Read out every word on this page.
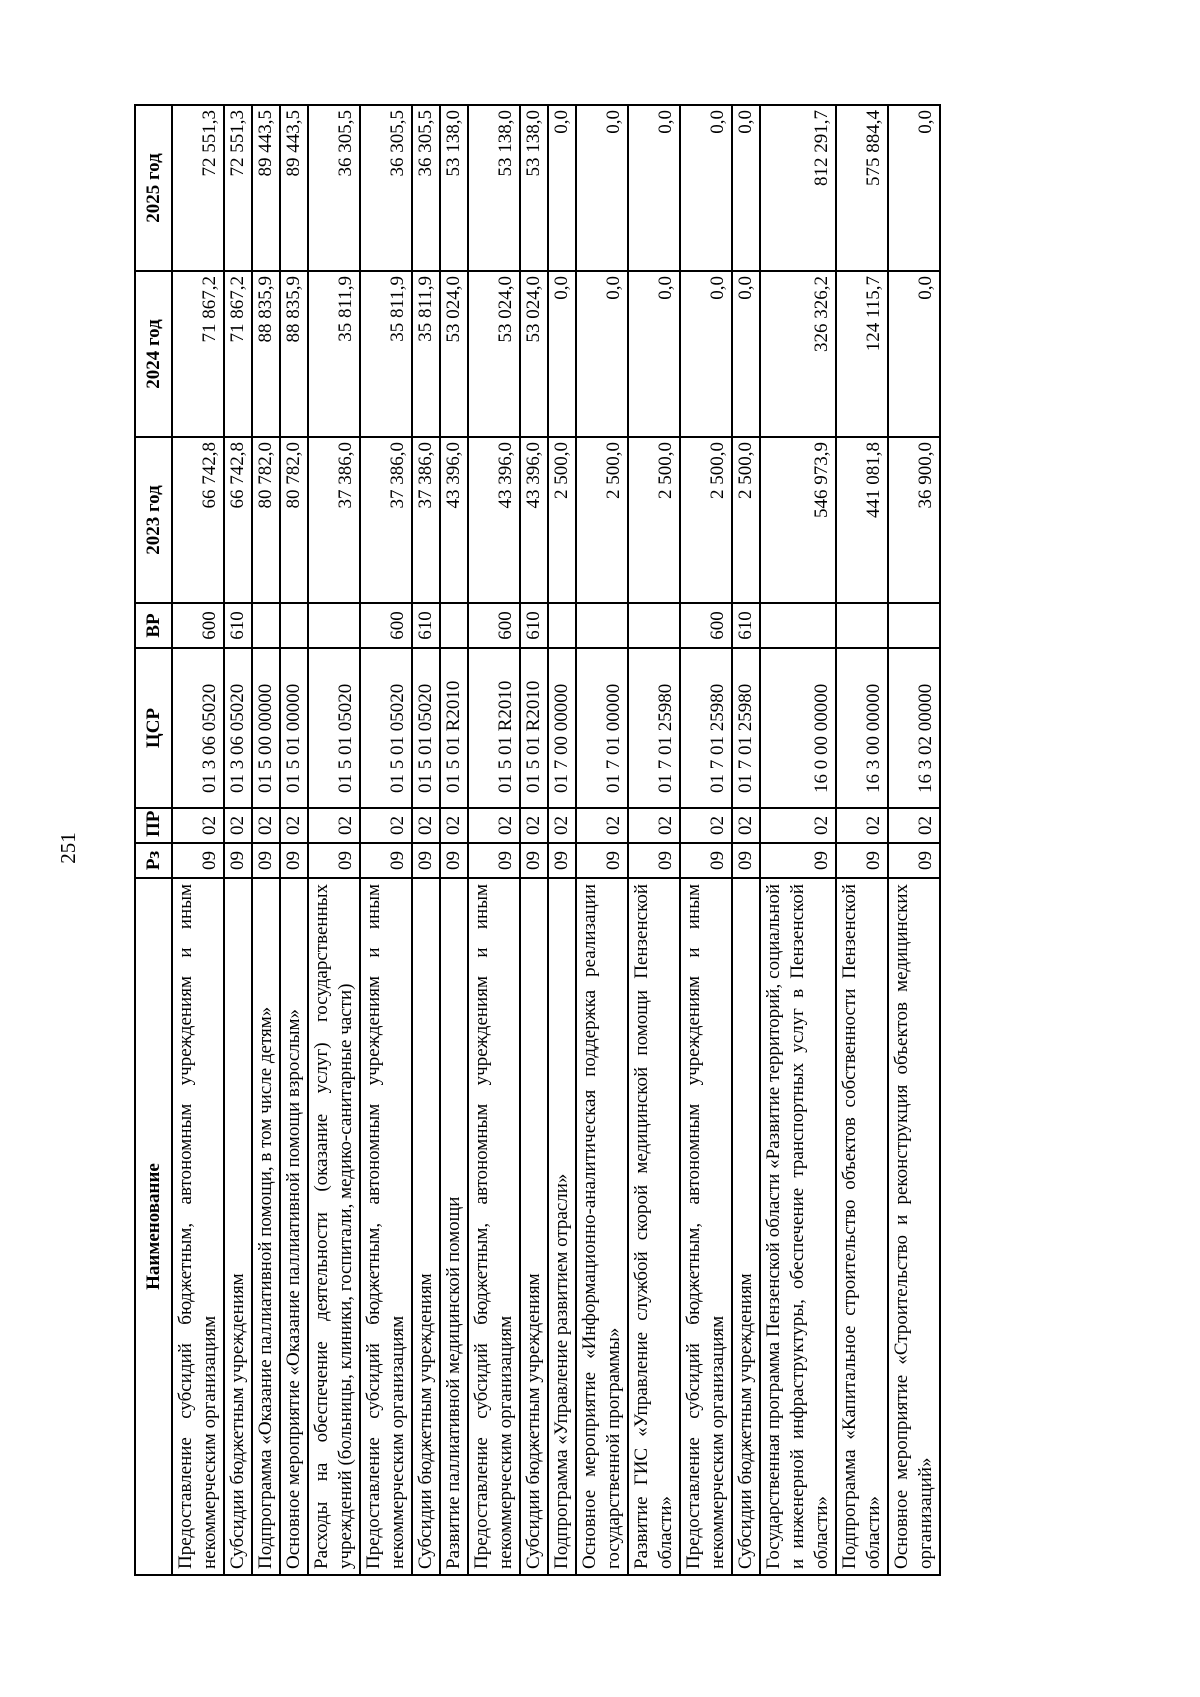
251
Наименование	Рз	ПР	ЦСР	ВР	2023 год	2024 год	2025 год
Предоставление субсидий бюджетным, автономным учреждениям и иным некоммерческим организациям	09	02	01 3 06 05020	600	66 742,8	71 867,2	72 551,3
Субсидии бюджетным учреждениям	09	02	01 3 06 05020	610	66 742,8	71 867,2	72 551,3
Подпрограмма «Оказание паллиативной помощи, в том числе детям»	09	02	01 5 00 00000		80 782,0	88 835,9	89 443,5
Основное мероприятие «Оказание паллиативной помощи взрослым»	09	02	01 5 01 00000		80 782,0	88 835,9	89 443,5
Расходы на обеспечение деятельности (оказание услуг) государственных учреждений (больницы, клиники, госпитали, медико-санитарные части)	09	02	01 5 01 05020		37 386,0	35 811,9	36 305,5
Предоставление субсидий бюджетным, автономным учреждениям и иным некоммерческим организациям	09	02	01 5 01 05020	600	37 386,0	35 811,9	36 305,5
Субсидии бюджетным учреждениям	09	02	01 5 01 05020	610	37 386,0	35 811,9	36 305,5
Развитие паллиативной медицинской помощи	09	02	01 5 01 R2010		43 396,0	53 024,0	53 138,0
Предоставление субсидий бюджетным, автономным учреждениям и иным некоммерческим организациям	09	02	01 5 01 R2010	600	43 396,0	53 024,0	53 138,0
Субсидии бюджетным учреждениям	09	02	01 5 01 R2010	610	43 396,0	53 024,0	53 138,0
Подпрограмма «Управление развитием отрасли»	09	02	01 7 00 00000		2 500,0	0,0	0,0
Основное мероприятие «Информационно-аналитическая поддержка реализации государственной программы»	09	02	01 7 01 00000		2 500,0	0,0	0,0
Развитие ГИС «Управление службой скорой медицинской помощи Пензенской области»	09	02	01 7 01 25980		2 500,0	0,0	0,0
Предоставление субсидий бюджетным, автономным учреждениям и иным некоммерческим организациям	09	02	01 7 01 25980	600	2 500,0	0,0	0,0
Субсидии бюджетным учреждениям	09	02	01 7 01 25980	610	2 500,0	0,0	0,0
Государственная программа Пензенской области «Развитие территорий, социальной и инженерной инфраструктуры, обеспечение транспортных услуг в Пензенской области»	09	02	16 0 00 00000		546 973,9	326 326,2	812 291,7
Подпрограмма «Капитальное строительство объектов собственности Пензенской области»	09	02	16 3 00 00000		441 081,8	124 115,7	575 884,4
Основное мероприятие «Строительство и реконструкция объектов медицинских организаций»	09	02	16 3 02 00000		36 900,0	0,0	0,0
